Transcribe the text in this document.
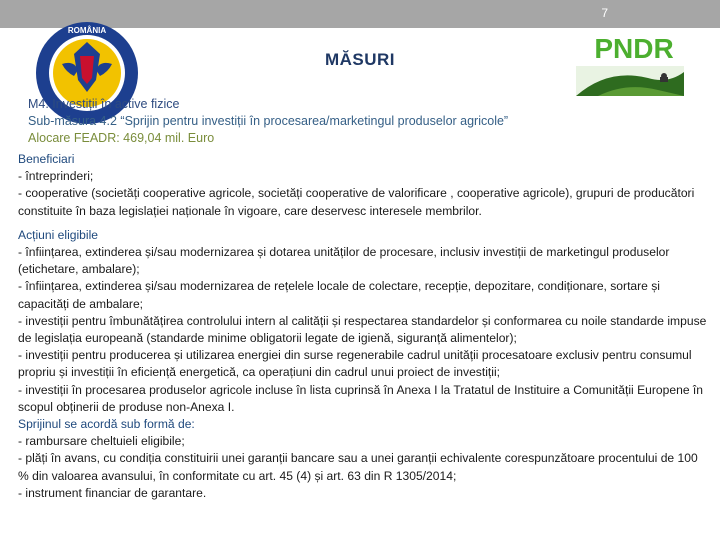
7
ROMÂNIA
PNDR
MĂSURI
M4. Investiții în active fizice
Sub-măsura 4.2 “Sprijin pentru investiții în procesarea/marketingul produselor agricole”
Alocare FEADR: 469,04 mil. Euro

Beneficiari

- întreprinderi;

- cooperative (societăți cooperative agricole, societăți cooperative de valorificare , cooperative agricole), grupuri de producători constituite în baza legislației naționale în vigoare, care deservesc interesele membrilor.

Acțiuni eligibile

- înființarea, extinderea și/sau modernizarea și dotarea unităților de procesare, inclusiv investiții de marketingul produselor (etichetare, ambalare);

- înființarea, extinderea și/sau modernizarea de rețelele locale de colectare, recepție, depozitare, condiționare, sortare și capacități de ambalare;

- investiții pentru îmbunătățirea controlului intern al calității și respectarea standardelor și conformarea cu noile standarde impuse de legislația europeană (standarde minime obligatorii legate de igienă, siguranță alimentelor);

- investiții pentru producerea și utilizarea energiei din surse regenerabile cadrul unității procesatoare exclusiv pentru consumul propriu și investiții în eficiență energetică, ca operațiuni din cadrul unui proiect de investiții;

- investiții în procesarea produselor agricole incluse în lista cuprinsă în Anexa I la Tratatul de Instituire a Comunității Europene în scopul obținerii de produse non-Anexa I.

Sprijinul se acordă sub formă de:

- rambursare cheltuieli eligibile;

- plăți în avans, cu condiția constituirii unei garanții bancare sau a unei garanții echivalente corespunzătoare procentului de 100 % din valoarea avansului, în conformitate cu art. 45 (4) și art. 63 din R 1305/2014;

- instrument financiar de garantare.
